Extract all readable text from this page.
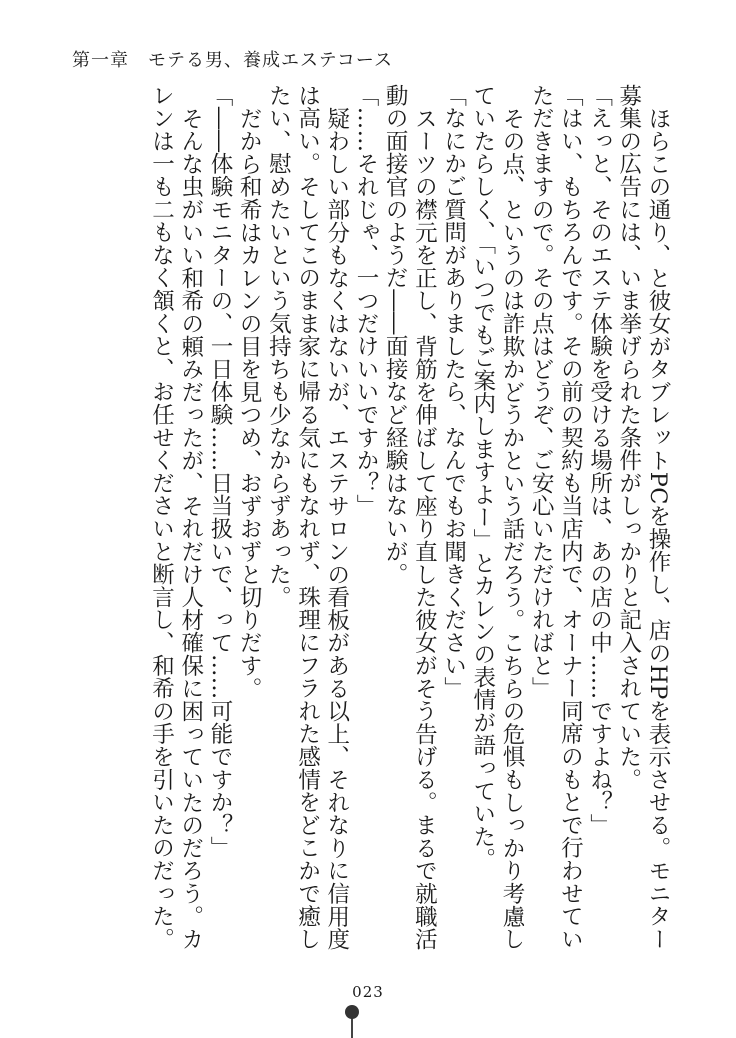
第一章　モテる男、養成エステコース

ほらこの通り、と彼女がタブレットPCを操作し、店のHPを表示させる。モニター募集の広告には、いま挙げられた条件がしっかりと記入されていた。

「えっと、そのエステ体験を受ける場所は、あの店の中……ですよね？」

「はい、もちろんです。その前の契約も当店内で、オーナー同席のもとで行わせていただきますので。その点はどうぞ、ご安心いただければと」

その点、というのは詐欺かどうかという話だろう。こちらの危惧もしっかり考慮していたらしく、「いつでもご案内しますよー」とカレンの表情が語っていた。

「なにかご質問がありましたら、なんでもお聞きください」

スーツの襟元を正し、背筋を伸ばして座り直した彼女がそう告げる。まるで就職活動の面接官のようだ――面接など経験はないが。

「……それじゃ、一つだけいいですか？」

疑わしい部分もなくはないが、エステサロンの看板がある以上、それなりに信用度は高い。そしてこのまま家に帰る気にもなれず、珠理にフラれた感情をどこかで癒したい、慰めたいという気持ちも少なからずあった。

だから和希はカレンの目を見つめ、おずおずと切りだす。

「――体験モニターの、一日体験……日当扱いで、って……可能ですか？」

そんな虫がいい和希の頼みだったが、それだけ人材確保に困っていたのだろう。カレンは一も二もなく頷くと、お任せくださいと断言し、和希の手を引いたのだった。

023
